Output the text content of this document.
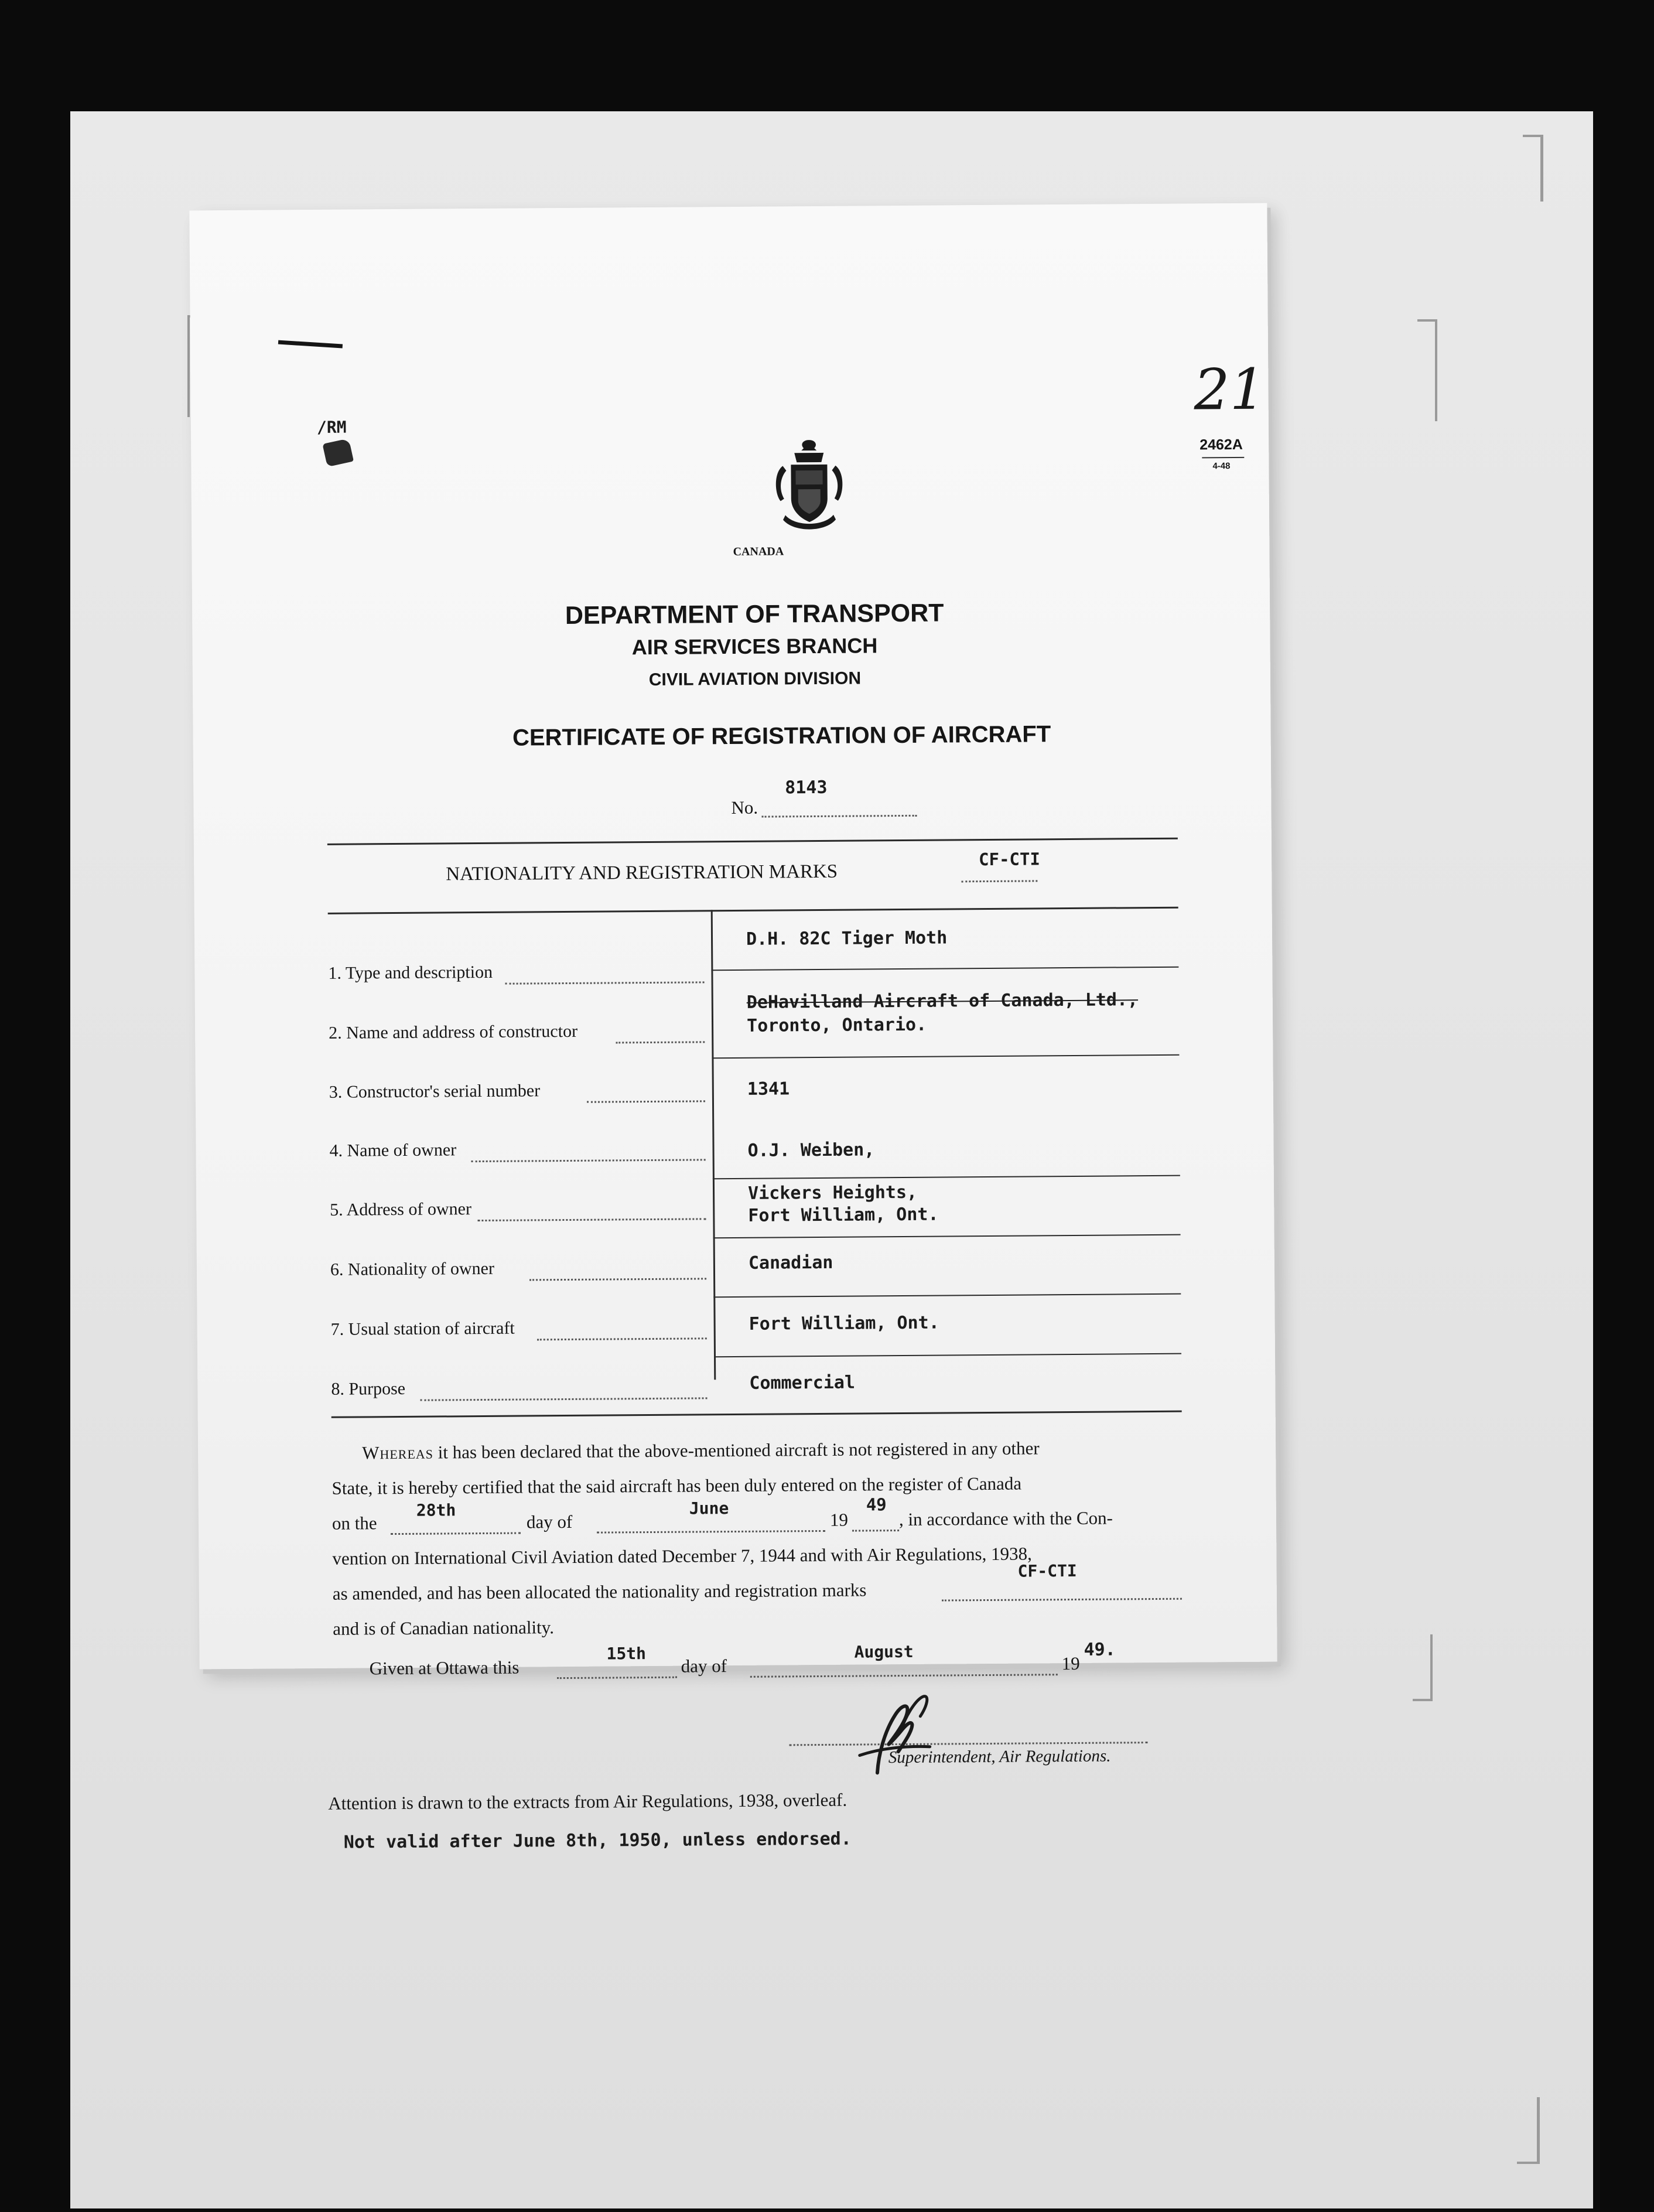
/RM
21
2462A
4-48
CANADA
DEPARTMENT OF TRANSPORT
AIR SERVICES BRANCH
CIVIL AVIATION DIVISION
CERTIFICATE OF REGISTRATION OF AIRCRAFT
No.
8143
NATIONALITY AND REGISTRATION MARKS
CF-CTI
1. Type and description
D.H. 82C Tiger Moth
2. Name and address of constructor
DeHavilland Aircraft of Canada, Ltd.,
Toronto, Ontario.
3. Constructor's serial number	1341
4. Name of owner	O.J. Weiben,
5. Address of owner
Vickers Heights,
Fort William, Ont.
6. Nationality of owner	Canadian
7. Usual station of aircraft	Fort William, Ont.
8. Purpose	Commercial
Whereas it has been declared that the above-mentioned aircraft is not registered in any other
State, it is hereby certified that the said aircraft has been duly entered on the register of Canada
on the
28th
day of
June
19
49
, in accordance with the Con-
vention on International Civil Aviation dated December 7, 1944 and with Air Regulations, 1938,
as amended, and has been allocated the nationality and registration marks
CF-CTI
and is of Canadian nationality.
Given at Ottawa this
15th
day of
August
19
49.
Superintendent, Air Regulations.
Attention is drawn to the extracts from Air Regulations, 1938, overleaf.
Not valid after June 8th, 1950, unless endorsed.
